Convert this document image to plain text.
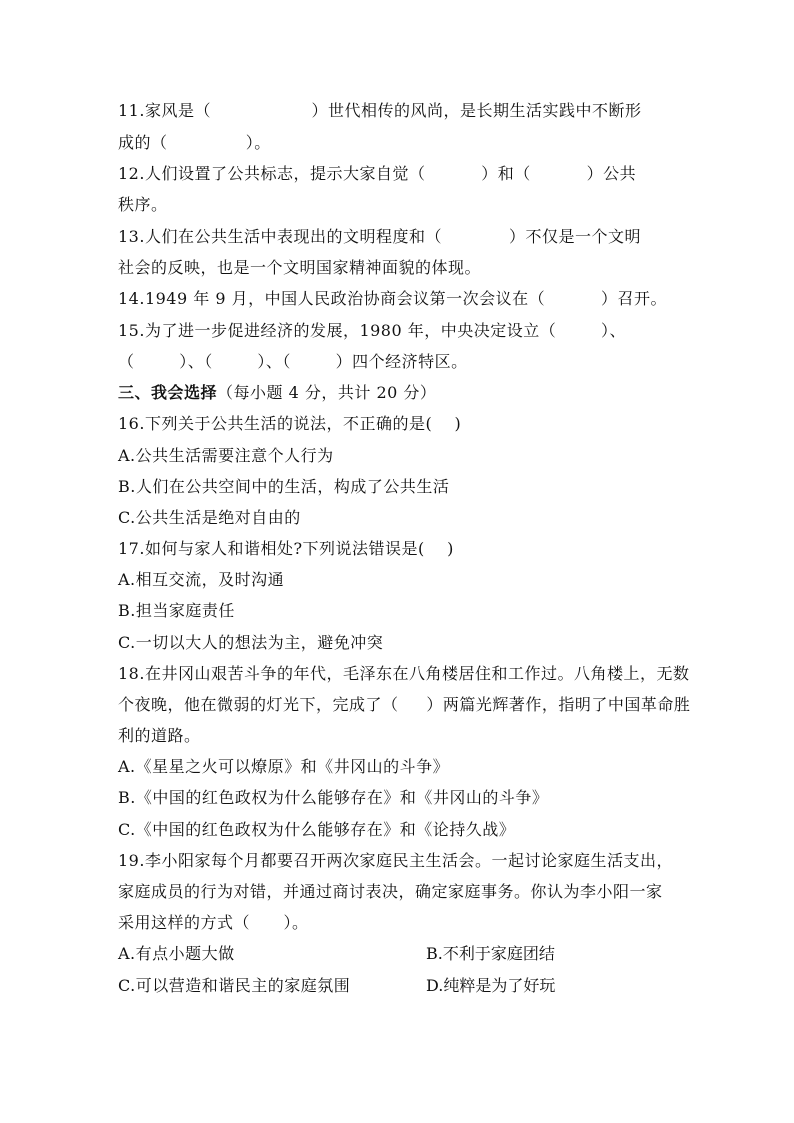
11.家风是（                  ）世代相传的风尚，是长期生活实践中不断形
成的（              ）。
12.人们设置了公共标志，提示大家自觉（          ）和（          ）公共
秩序。
13.人们在公共生活中表现出的文明程度和（            ）不仅是一个文明
社会的反映，也是一个文明国家精神面貌的体现。
14.1949 年 9 月，中国人民政治协商会议第一次会议在（          ）召开。
15.为了进一步促进经济的发展，1980 年，中央决定设立（        ）、
（        ）、（        ）、（        ）四个经济特区。
三、我会选择（每小题 4 分，共计 20 分）
16.下列关于公共生活的说法，不正确的是(    )
A.公共生活需要注意个人行为
B.人们在公共空间中的生活，构成了公共生活
C.公共生活是绝对自由的
17.如何与家人和谐相处?下列说法错误是(    )
A.相互交流，及时沟通
B.担当家庭责任
C.一切以大人的想法为主，避免冲突
18.在井冈山艰苦斗争的年代，毛泽东在八角楼居住和工作过。八角楼上，无数
个夜晚，他在微弱的灯光下，完成了（     ）两篇光辉著作，指明了中国革命胜
利的道路。
A.《星星之火可以燎原》和《井冈山的斗争》
B.《中国的红色政权为什么能够存在》和《井冈山的斗争》
C.《中国的红色政权为什么能够存在》和《论持久战》
19.李小阳家每个月都要召开两次家庭民主生活会。一起讨论家庭生活支出，
家庭成员的行为对错，并通过商讨表决，确定家庭事务。你认为李小阳一家
采用这样的方式（      ）。
A.有点小题大做	B.不利于家庭团结
C.可以营造和谐民主的家庭氛围	D.纯粹是为了好玩
